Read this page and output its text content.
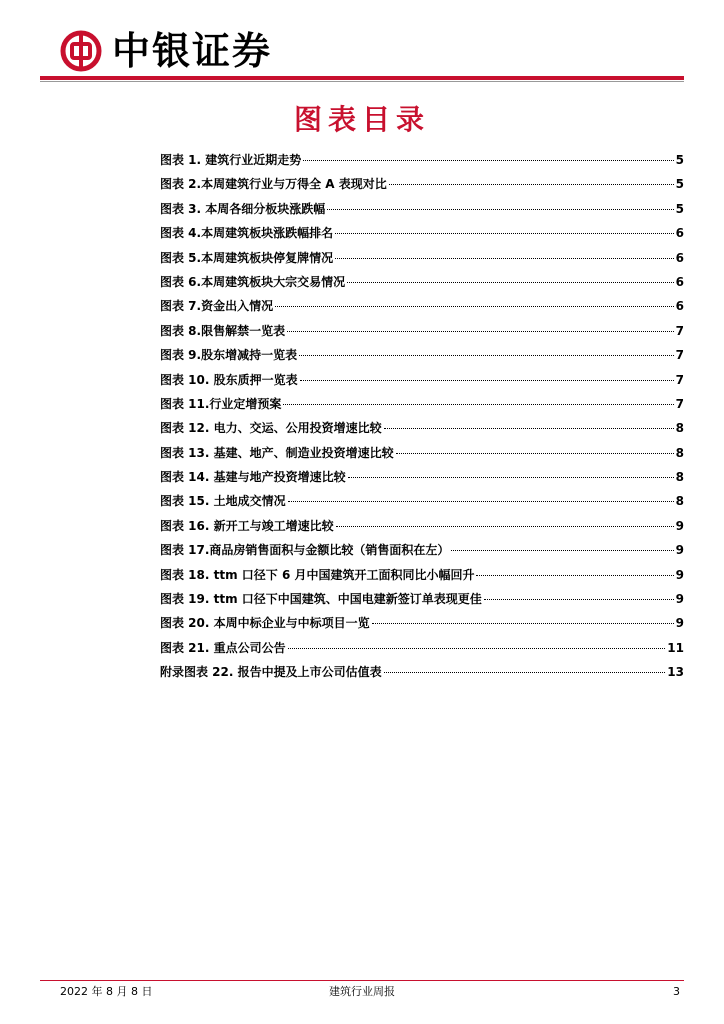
中银证券
图表目录
图表 1. 建筑行业近期走势	5
图表 2.本周建筑行业与万得全 A 表现对比	5
图表 3. 本周各细分板块涨跌幅	5
图表 4.本周建筑板块涨跌幅排名	6
图表 5.本周建筑板块停复牌情况	6
图表 6.本周建筑板块大宗交易情况	6
图表 7.资金出入情况	6
图表 8.限售解禁一览表	7
图表 9.股东增减持一览表	7
图表 10. 股东质押一览表	7
图表 11.行业定增预案	7
图表 12. 电力、交运、公用投资增速比较	8
图表 13. 基建、地产、制造业投资增速比较	8
图表 14. 基建与地产投资增速比较	8
图表 15. 土地成交情况	8
图表 16. 新开工与竣工增速比较	9
图表 17.商品房销售面积与金额比较（销售面积在左）	9
图表 18. ttm 口径下 6 月中国建筑开工面积同比小幅回升	9
图表 19. ttm 口径下中国建筑、中国电建新签订单表现更佳	9
图表 20. 本周中标企业与中标项目一览	9
图表 21. 重点公司公告	11
附录图表 22. 报告中提及上市公司估值表	13
2022 年 8 月 8 日	建筑行业周报	3
